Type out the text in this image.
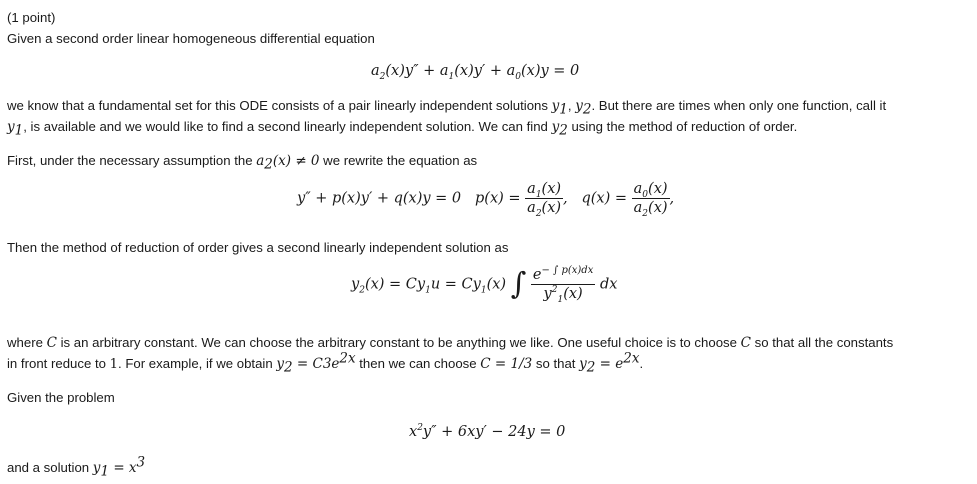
(1 point)
Given a second order linear homogeneous differential equation
$a_2(x)y'' + a_1(x)y' + a_0(x)y = 0$
we know that a fundamental set for this ODE consists of a pair linearly independent solutions $y_1$, $y_2$. But there are times when only one function, call it
$y_1$, is available and we would like to find a second linearly independent solution. We can find $y_2$ using the method of reduction of order.
First, under the necessary assumption the $a_2(x) \ne 0$ we rewrite the equation as
y″ + p(x)y′ + q(x)y = 0 $p(x) = \frac{a_1(x)}{a_2(x)}$ , $q(x) = \frac{a_0(x)}{a_2(x)}$ ,
Then the method of reduction of order gives a second linearly independent solution as
$y_2(x) = Cy_1u = Cy_1(x)$ ∫ $\frac{e^{- \int p(x)dx}}{y^2_1(x)}$ dx
where C is an arbitrary constant. We can choose the arbitrary constant to be anything we like. One useful choice is to choose C so that all the constants
in front reduce to 1. For example, if we obtain $y_2 = C3e^{2x}$ then we can choose C = 1/3 so that $y_2 = e^{2x}$.
Given the problem
$x^2y'' + 6xy' - 24y = 0$
and a solution $y_1 = x^3$
